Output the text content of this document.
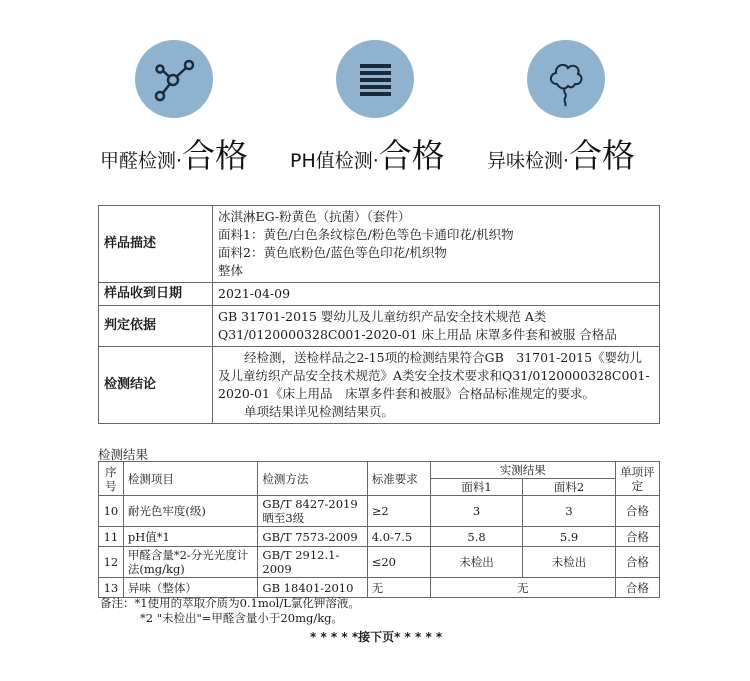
甲醛检测·合格 PH值检测·合格 异味检测·合格
样品描述	冰淇淋EG-粉黄色（抗菌）（套件）
面料1：黄色/白色条纹棕色/粉色等色卡通印花/机织物
面料2：黄色底粉色/蓝色等色印花/机织物
整体

样品收到日期	2021-04-09
判定依据	GB 31701-2015 婴幼儿及儿童纺织产品安全技术规范 A类
Q31/0120000328C001-2020-01 床上用品 床罩多件套和被服 合格品

检测结论	经检测，送检样品之2-15项的检测结果符合GB　31701-2015《婴幼儿及儿童纺织产品安全技术规范》A类安全技术要求和Q31/0120000328C001-2020-01《床上用品　床罩多件套和被服》合格品标准规定的要求。
单项结果详见检测结果页。
检测结果
序号	检测项目	检测方法	标准要求	实测结果		单项评定
				面料1	面料2	
10	耐光色牢度(级)	GB/T 8427-2019 晒至3级	≥2	3	3	合格
11	pH值*1	GB/T 7573-2009	4.0-7.5	5.8	5.9	合格
12	甲醛含量*2-分光光度计法(mg/kg)	GB/T 2912.1-2009	≤20	未检出	未检出	合格
13	异味（整体）	GB 18401-2010	无	无		合格
备注：*1使用的萃取介质为0.1mol/L氯化钾溶液。
*2 "未检出"=甲醛含量小于20mg/kg。
* * * * *接下页* * * * *
